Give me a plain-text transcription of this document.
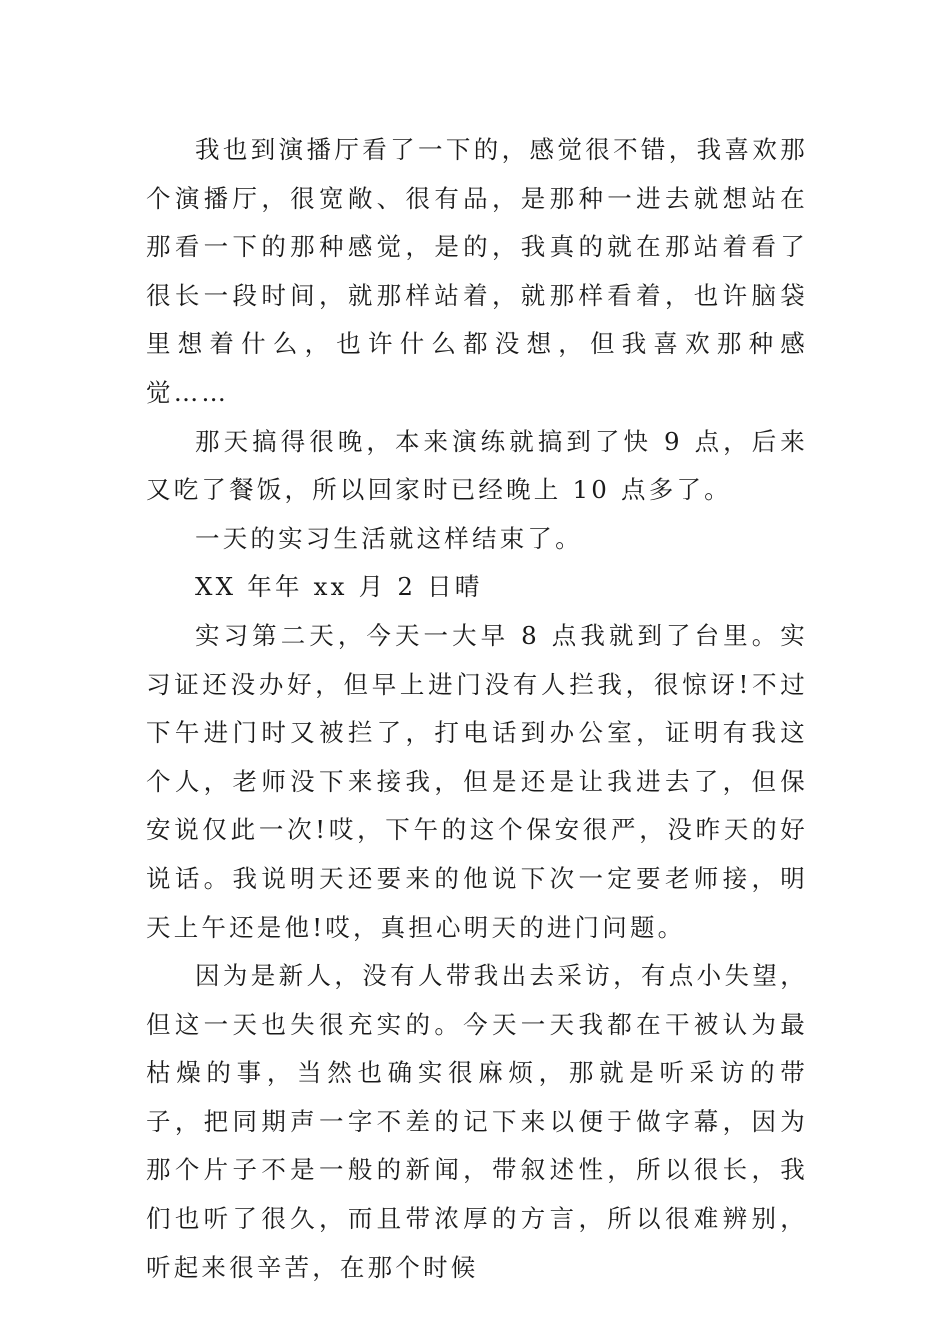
我也到演播厅看了一下的，感觉很不错，我喜欢那个演播厅，很宽敞、很有品，是那种一进去就想站在那看一下的那种感觉，是的，我真的就在那站着看了很长一段时间，就那样站着，就那样看着，也许脑袋里想着什么，也许什么都没想，但我喜欢那种感觉……

那天搞得很晚，本来演练就搞到了快 9 点，后来又吃了餐饭，所以回家时已经晚上 10 点多了。

一天的实习生活就这样结束了。

XX 年年 xx 月 2 日晴

实习第二天，今天一大早 8 点我就到了台里。实习证还没办好，但早上进门没有人拦我，很惊讶!不过下午进门时又被拦了，打电话到办公室，证明有我这个人，老师没下来接我，但是还是让我进去了，但保安说仅此一次!哎，下午的这个保安很严，没昨天的好说话。我说明天还要来的他说下次一定要老师接，明天上午还是他!哎，真担心明天的进门问题。

因为是新人，没有人带我出去采访，有点小失望，但这一天也失很充实的。今天一天我都在干被认为最枯燥的事，当然也确实很麻烦，那就是听采访的带子，把同期声一字不差的记下来以便于做字幕，因为那个片子不是一般的新闻，带叙述性，所以很长，我们也听了很久，而且带浓厚的方言，所以很难辨别，听起来很辛苦，在那个时候
